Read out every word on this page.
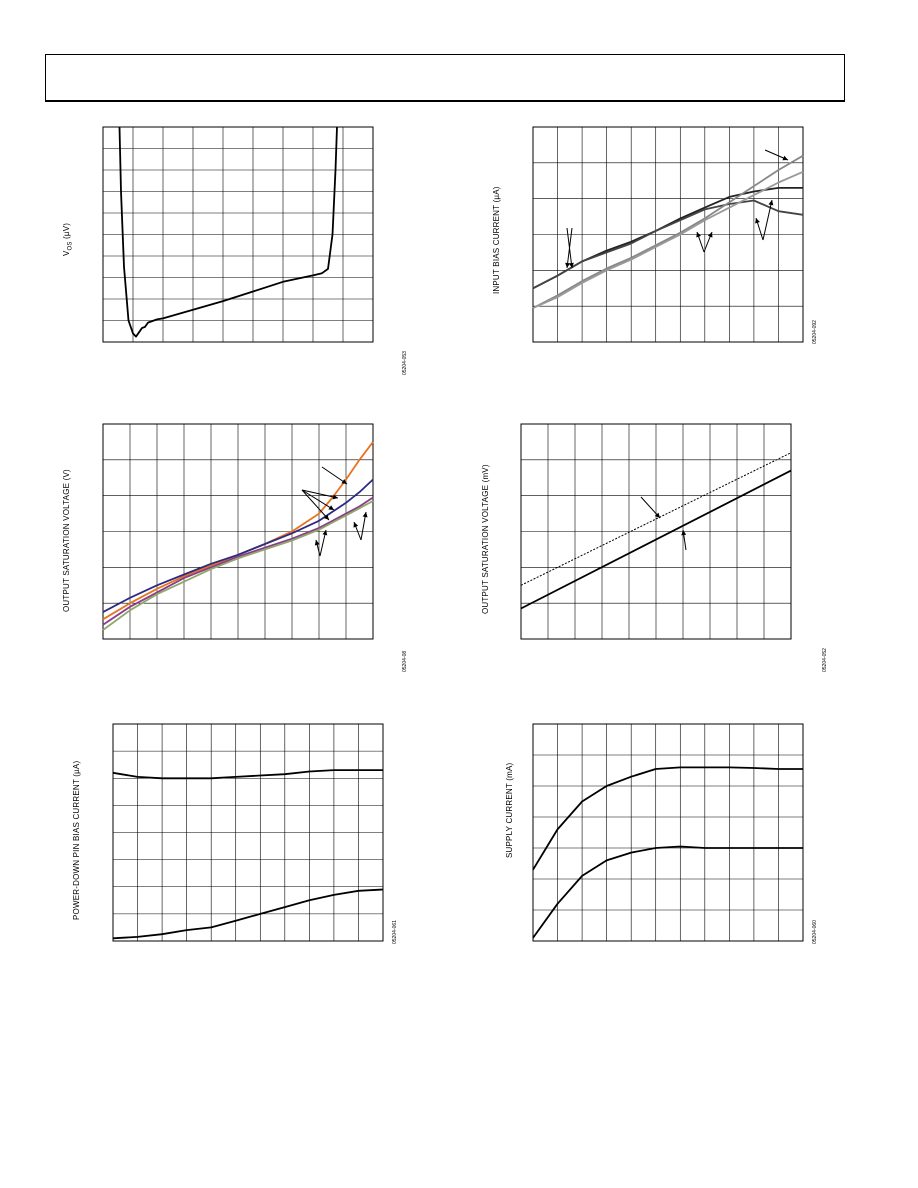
$V_{OS}$ (µV)	INPUT BIAS CURRENT (µA)
OUTPUT SATURATION VOLTAGE (V)	OUTPUT SATURATION VOLTAGE (mV)
POWER-DOWN PIN BIAS CURRENT (µA)	SUPPLY CURRENT (mA)
05204-053
05204-092
05204-08	05204-052
05204-061	05204-060
